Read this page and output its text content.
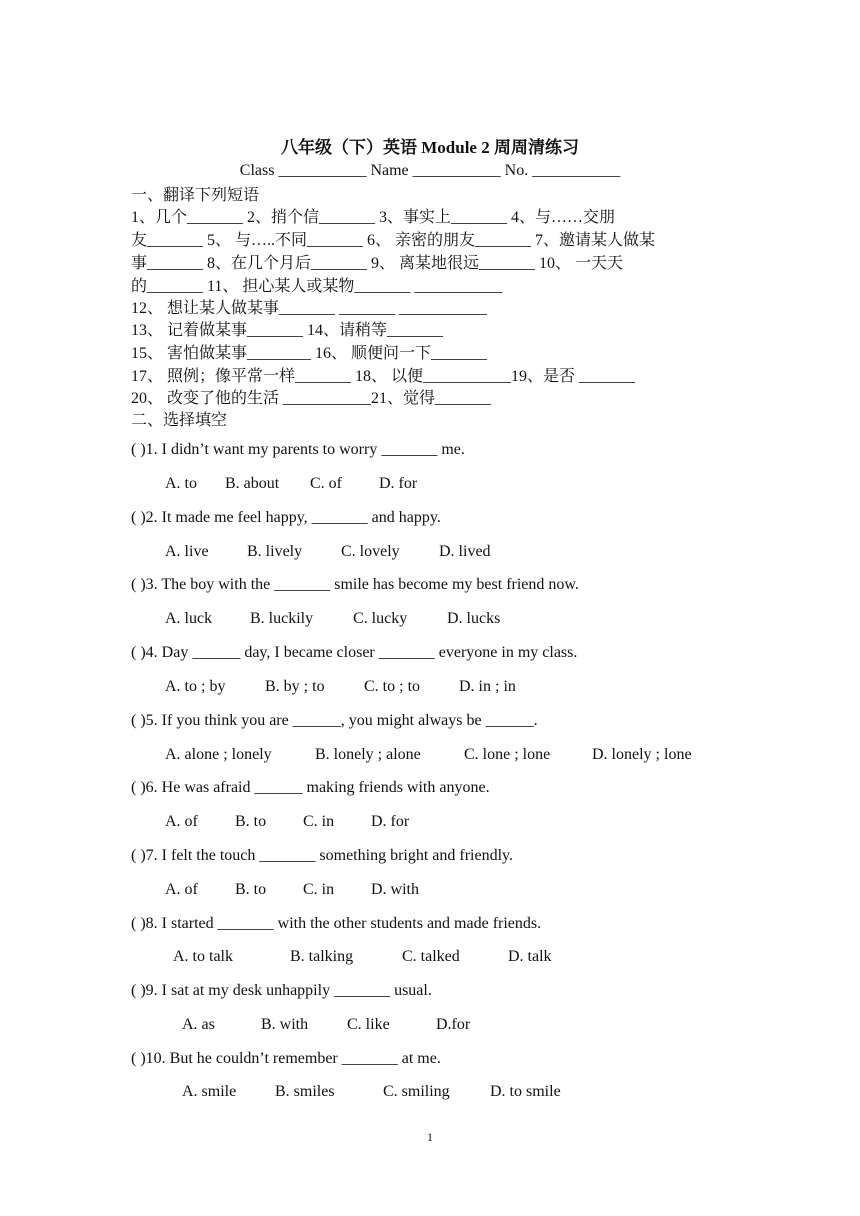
八年级（下）英语 Module 2 周周清练习
Class ___________ Name ___________ No. ___________
一、翻译下列短语
1、几个_______ 2、捎个信_______ 3、事实上_______ 4、与……交朋
友_______ 5、 与…..不同_______ 6、 亲密的朋友_______ 7、邀请某人做某
事_______ 8、在几个月后_______ 9、 离某地很远_______ 10、 一天天
的_______ 11、 担心某人或某物_______ ___________
12、 想让某人做某事_______ _______ ___________
13、 记着做某事_______ 14、请稍等_______
15、 害怕做某事________ 16、 顺便问一下_______
17、 照例；像平常一样_______ 18、 以便___________19、是否 _______
20、 改变了他的生活 ___________21、觉得_______
二、选择填空
( )1. I didn’t want my parents to worry _______ me.
A. to B. about C. of D. for
( )2. It made me feel happy, _______ and happy.
A. live B. lively C. lovely D. lived
( )3. The boy with the _______ smile has become my best friend now.
A. luck B. luckily C. lucky D. lucks
( )4. Day ______ day, I became closer _______ everyone in my class.
A. to ; by B. by ; to C. to ; to D. in ; in
( )5. If you think you are ______, you might always be ______.
A. alone ; lonely	B. lonely ; alone	C. lone ; lone	D. lonely ; lone
( )6. He was afraid ______ making friends with anyone.
A. of B. to C. in D. for
( )7. I felt the touch _______ something bright and friendly.
A. of B. to C. in D. with
( )8. I started _______ with the other students and made friends.
A. to talk	B. talking	C. talked	D. talk
( )9. I sat at my desk unhappily _______ usual.
A. as	B. with C. like	D.for
( )10. But he couldn’t remember _______ at me.
A. smile B. smiles	C. smiling	D. to smile
1
